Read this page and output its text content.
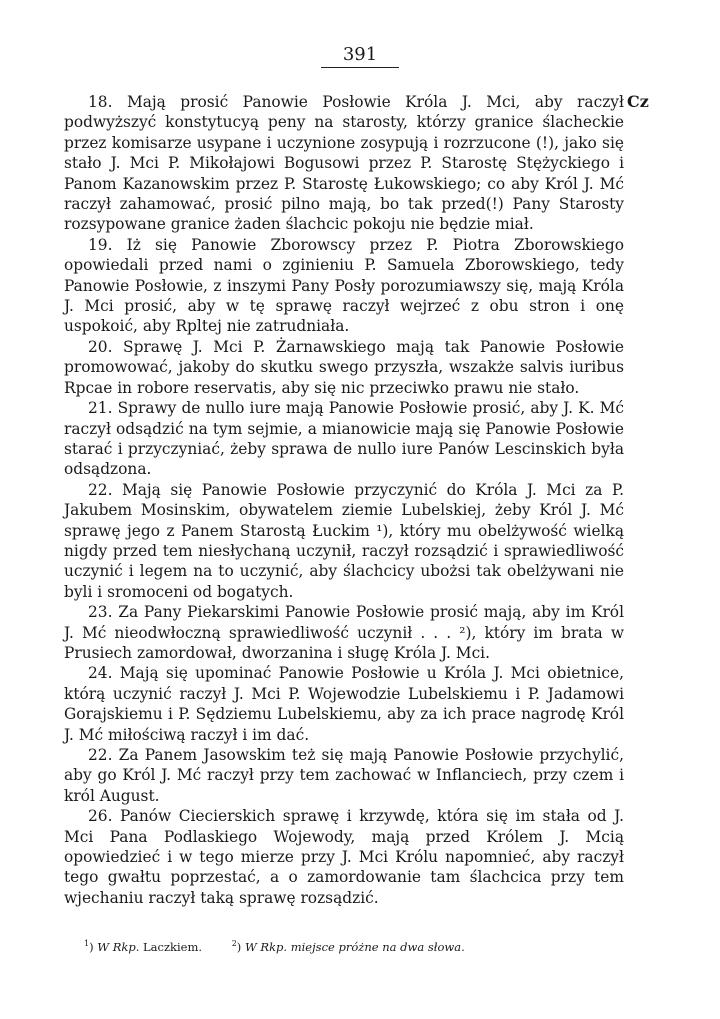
391
Cz

18. Mają prosić Panowie Posłowie Króla J. Mci, aby raczył podwyższyć konstytucyą peny na starosty, którzy granice ślacheckie przez komisarze usypane i uczynione zosypują i rozrzucone (!), jako się stało J. Mci P. Mikołajowi Bogusowi przez P. Starostę Stężyckiego i Panom Kazanowskim przez P. Starostę Łukowskiego; co aby Król J. Mć raczył zahamować, prosić pilno mają, bo tak przed(!) Pany Starosty rozsypowane granice żaden ślachcic pokoju nie będzie miał.

19. Iż się Panowie Zborowscy przez P. Piotra Zborowskiego opowiedali przed nami o zginieniu P. Samuela Zborowskiego, tedy Panowie Posłowie, z inszymi Pany Posły porozumiawszy się, mają Króla J. Mci prosić, aby w tę sprawę raczył wejrzeć z obu stron i onę uspokoić, aby Rpltej nie zatrudniała.

20. Sprawę J. Mci P. Żarnawskiego mają tak Panowie Posłowie promowować, jakoby do skutku swego przyszła, wszakże salvis iuribus Rpcae in robore reservatis, aby się nic przeciwko prawu nie stało.

21. Sprawy de nullo iure mają Panowie Posłowie prosić, aby J. K. Mć raczył odsądzić na tym sejmie, a mianowicie mają się Panowie Posłowie starać i przyczyniać, żeby sprawa de nullo iure Panów Lescinskich była odsądzona.

22. Mają się Panowie Posłowie przyczynić do Króla J. Mci za P. Jakubem Mosinskim, obywatelem ziemie Lubelskiej, żeby Król J. Mć sprawę jego z Panem Starostą Łuckim ¹), który mu obelżywość wielką nigdy przed tem niesłychaną uczynił, raczył rozsądzić i sprawiedliwość uczynić i legem na to uczynić, aby ślachcicy ubożsi tak obelżywani nie byli i sromoceni od bogatych.

23. Za Pany Piekarskimi Panowie Posłowie prosić mają, aby im Król J. Mć nieodwłoczną sprawiedliwość uczynił . . . ²), który im brata w Prusiech zamordował, dworzanina i sługę Króla J. Mci.

24. Mają się upominać Panowie Posłowie u Króla J. Mci obietnice, którą uczynić raczył J. Mci P. Wojewodzie Lubelskiemu i P. Jadamowi Gorajskiemu i P. Sędziemu Lubelskiemu, aby za ich prace nagrodę Król J. Mć miłościwą raczył i im dać.

22. Za Panem Jasowskim też się mają Panowie Posłowie przychylić, aby go Król J. Mć raczył przy tem zachować w Inflanciech, przy czem i król August.

26. Panów Ciecierskich sprawę i krzywdę, która się im stała od J. Mci Pana Podlaskiego Wojewody, mają przed Królem J. Mcią opowiedzieć i w tego mierze przy J. Mci Królu napomnieć, aby raczył tego gwałtu poprzestać, a o zamordowanie tam ślachcica przy tem wjechaniu raczył taką sprawę rozsądzić.

$^1$) W Rkp. Laczkiem.	$^2$) W Rkp. miejsce próżne na dwa słowa.
